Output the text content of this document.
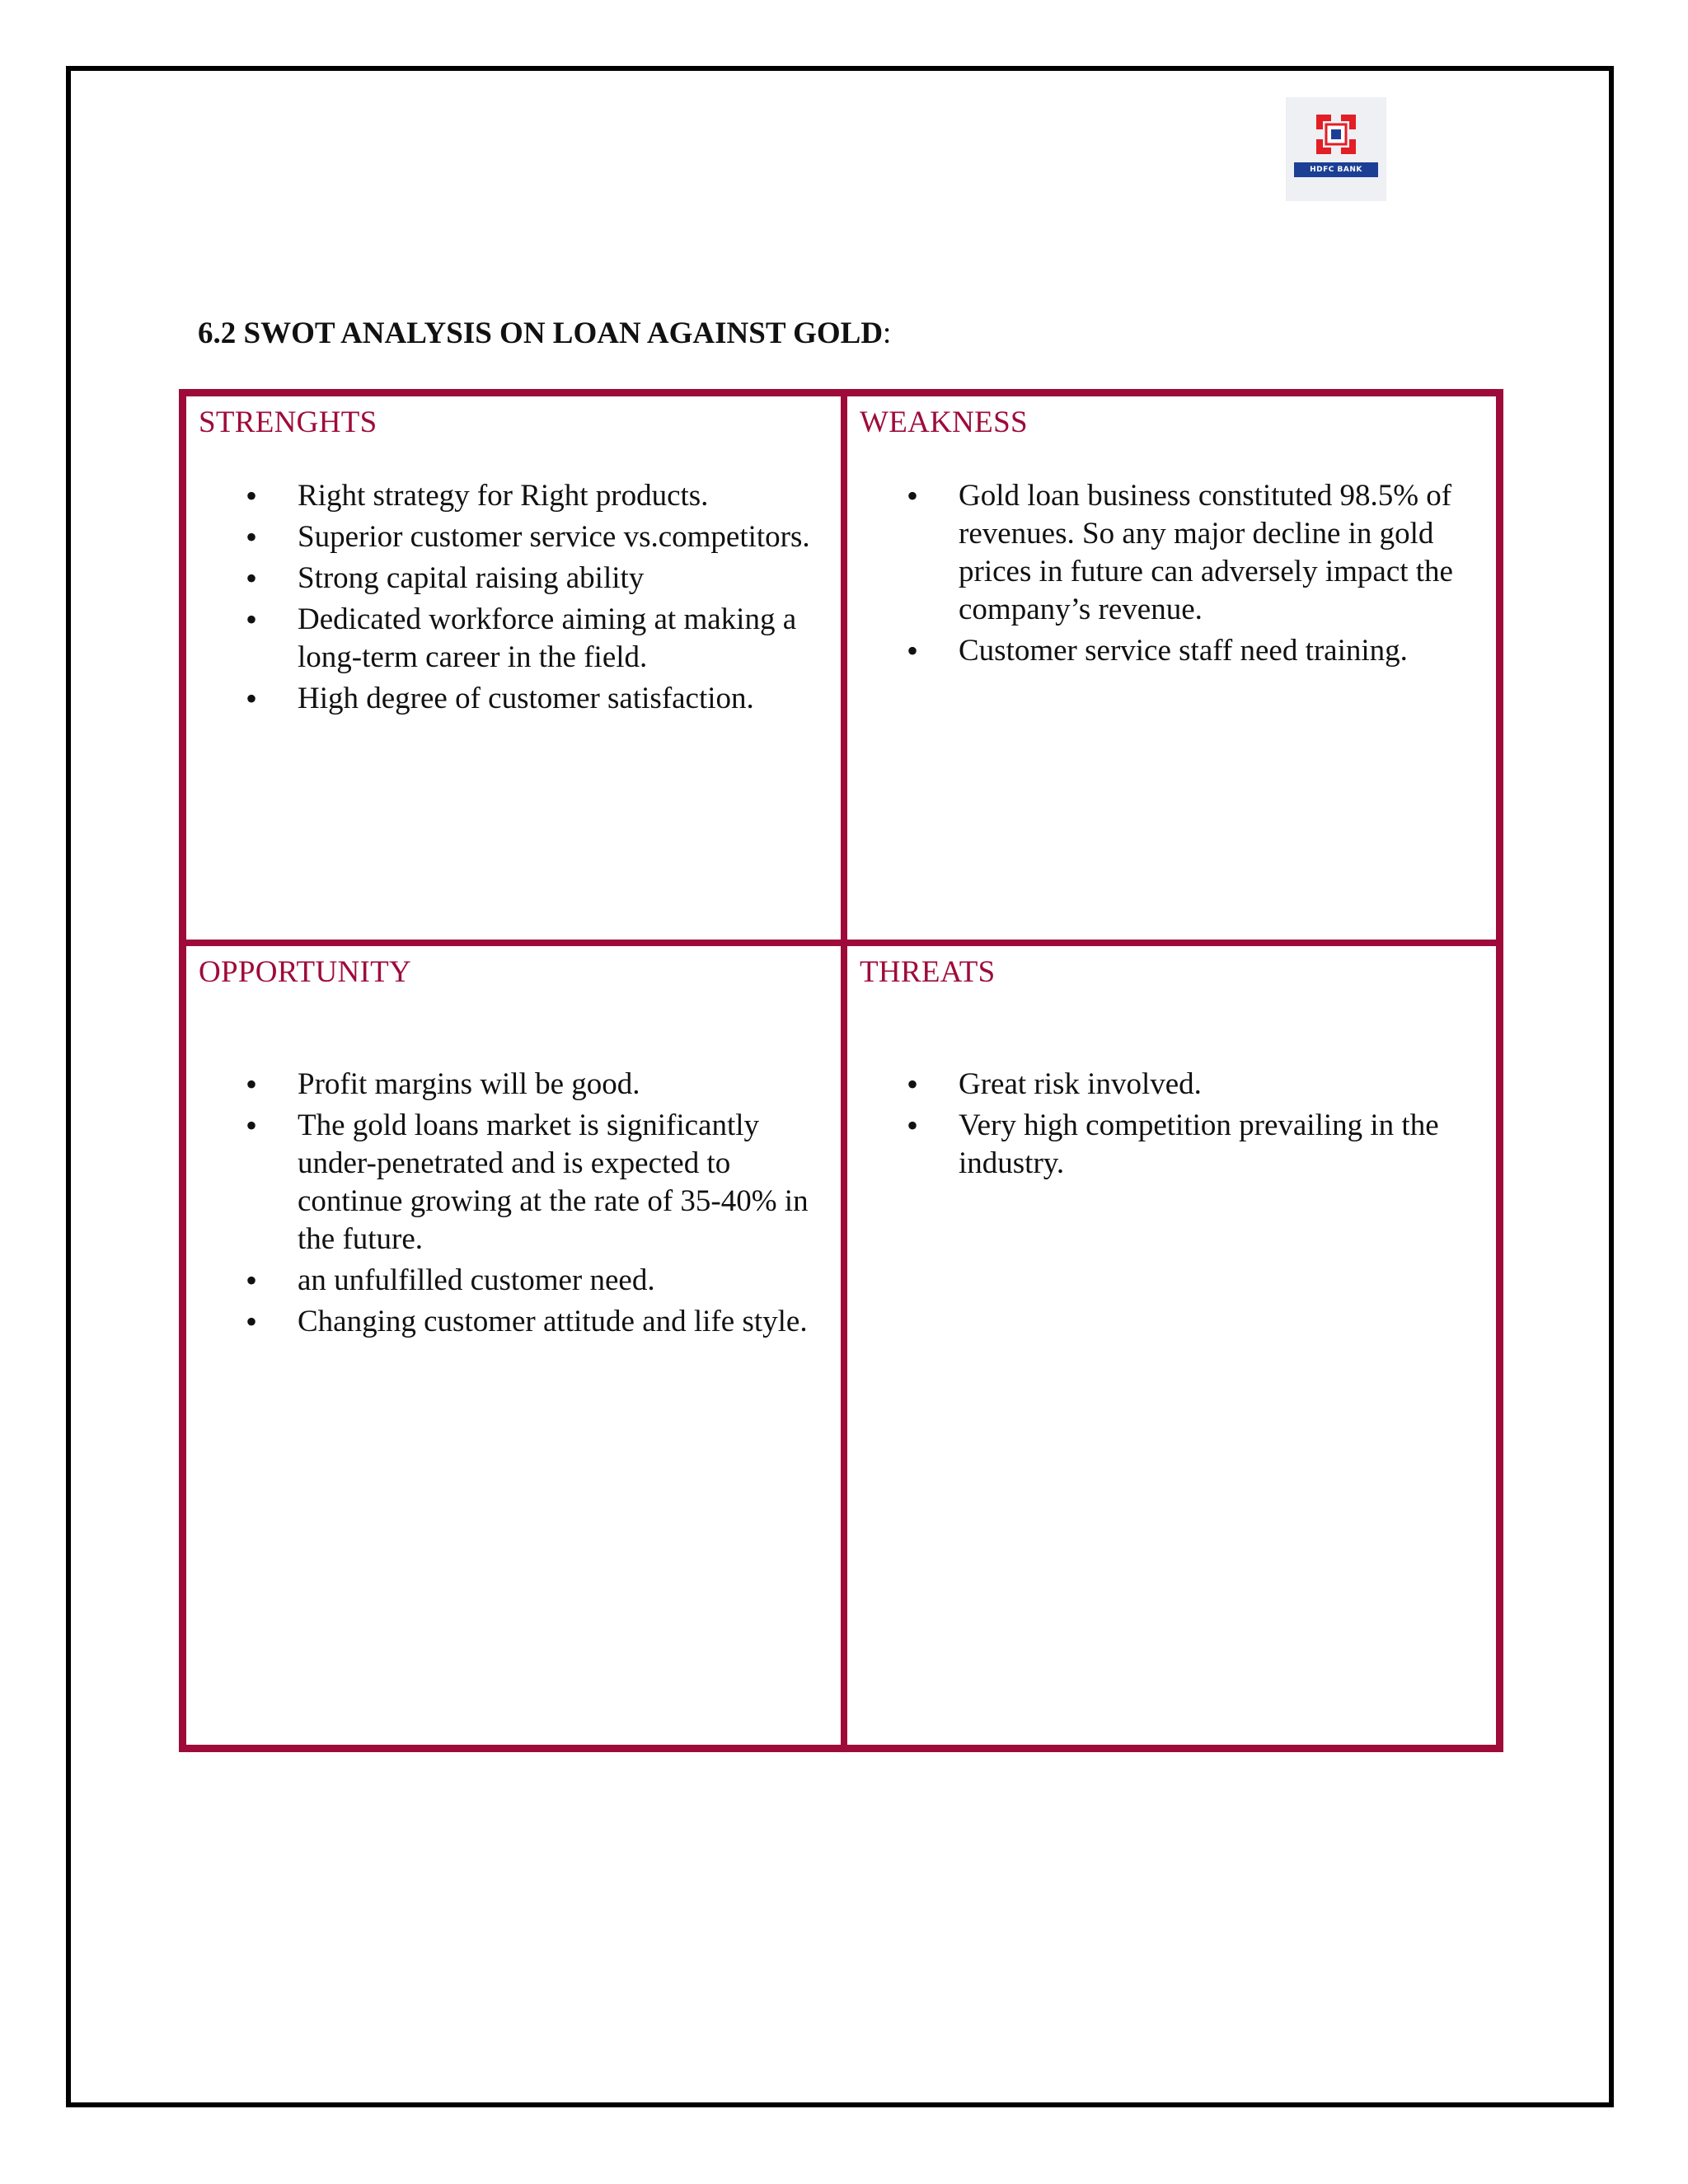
HDFC BANK
6.2 SWOT ANALYSIS ON LOAN AGAINST GOLD:
STRENGHTS
• Right strategy for Right products.
• Superior customer service vs.competitors.
• Strong capital raising ability
• Dedicated workforce aiming at making a long-term career in the field.
• High degree of customer satisfaction.
WEAKNESS
• Gold loan business constituted 98.5% of revenues. So any major decline in gold prices in future can adversely impact the company’s revenue.
• Customer service staff need training.
OPPORTUNITY
• Profit margins will be good.
• The gold loans market is significantly under-penetrated and is expected to continue growing at the rate of 35-40% in the future.
• an unfulfilled customer need.
• Changing customer attitude and life style.
THREATS
• Great risk involved.
• Very high competition prevailing in the industry.
